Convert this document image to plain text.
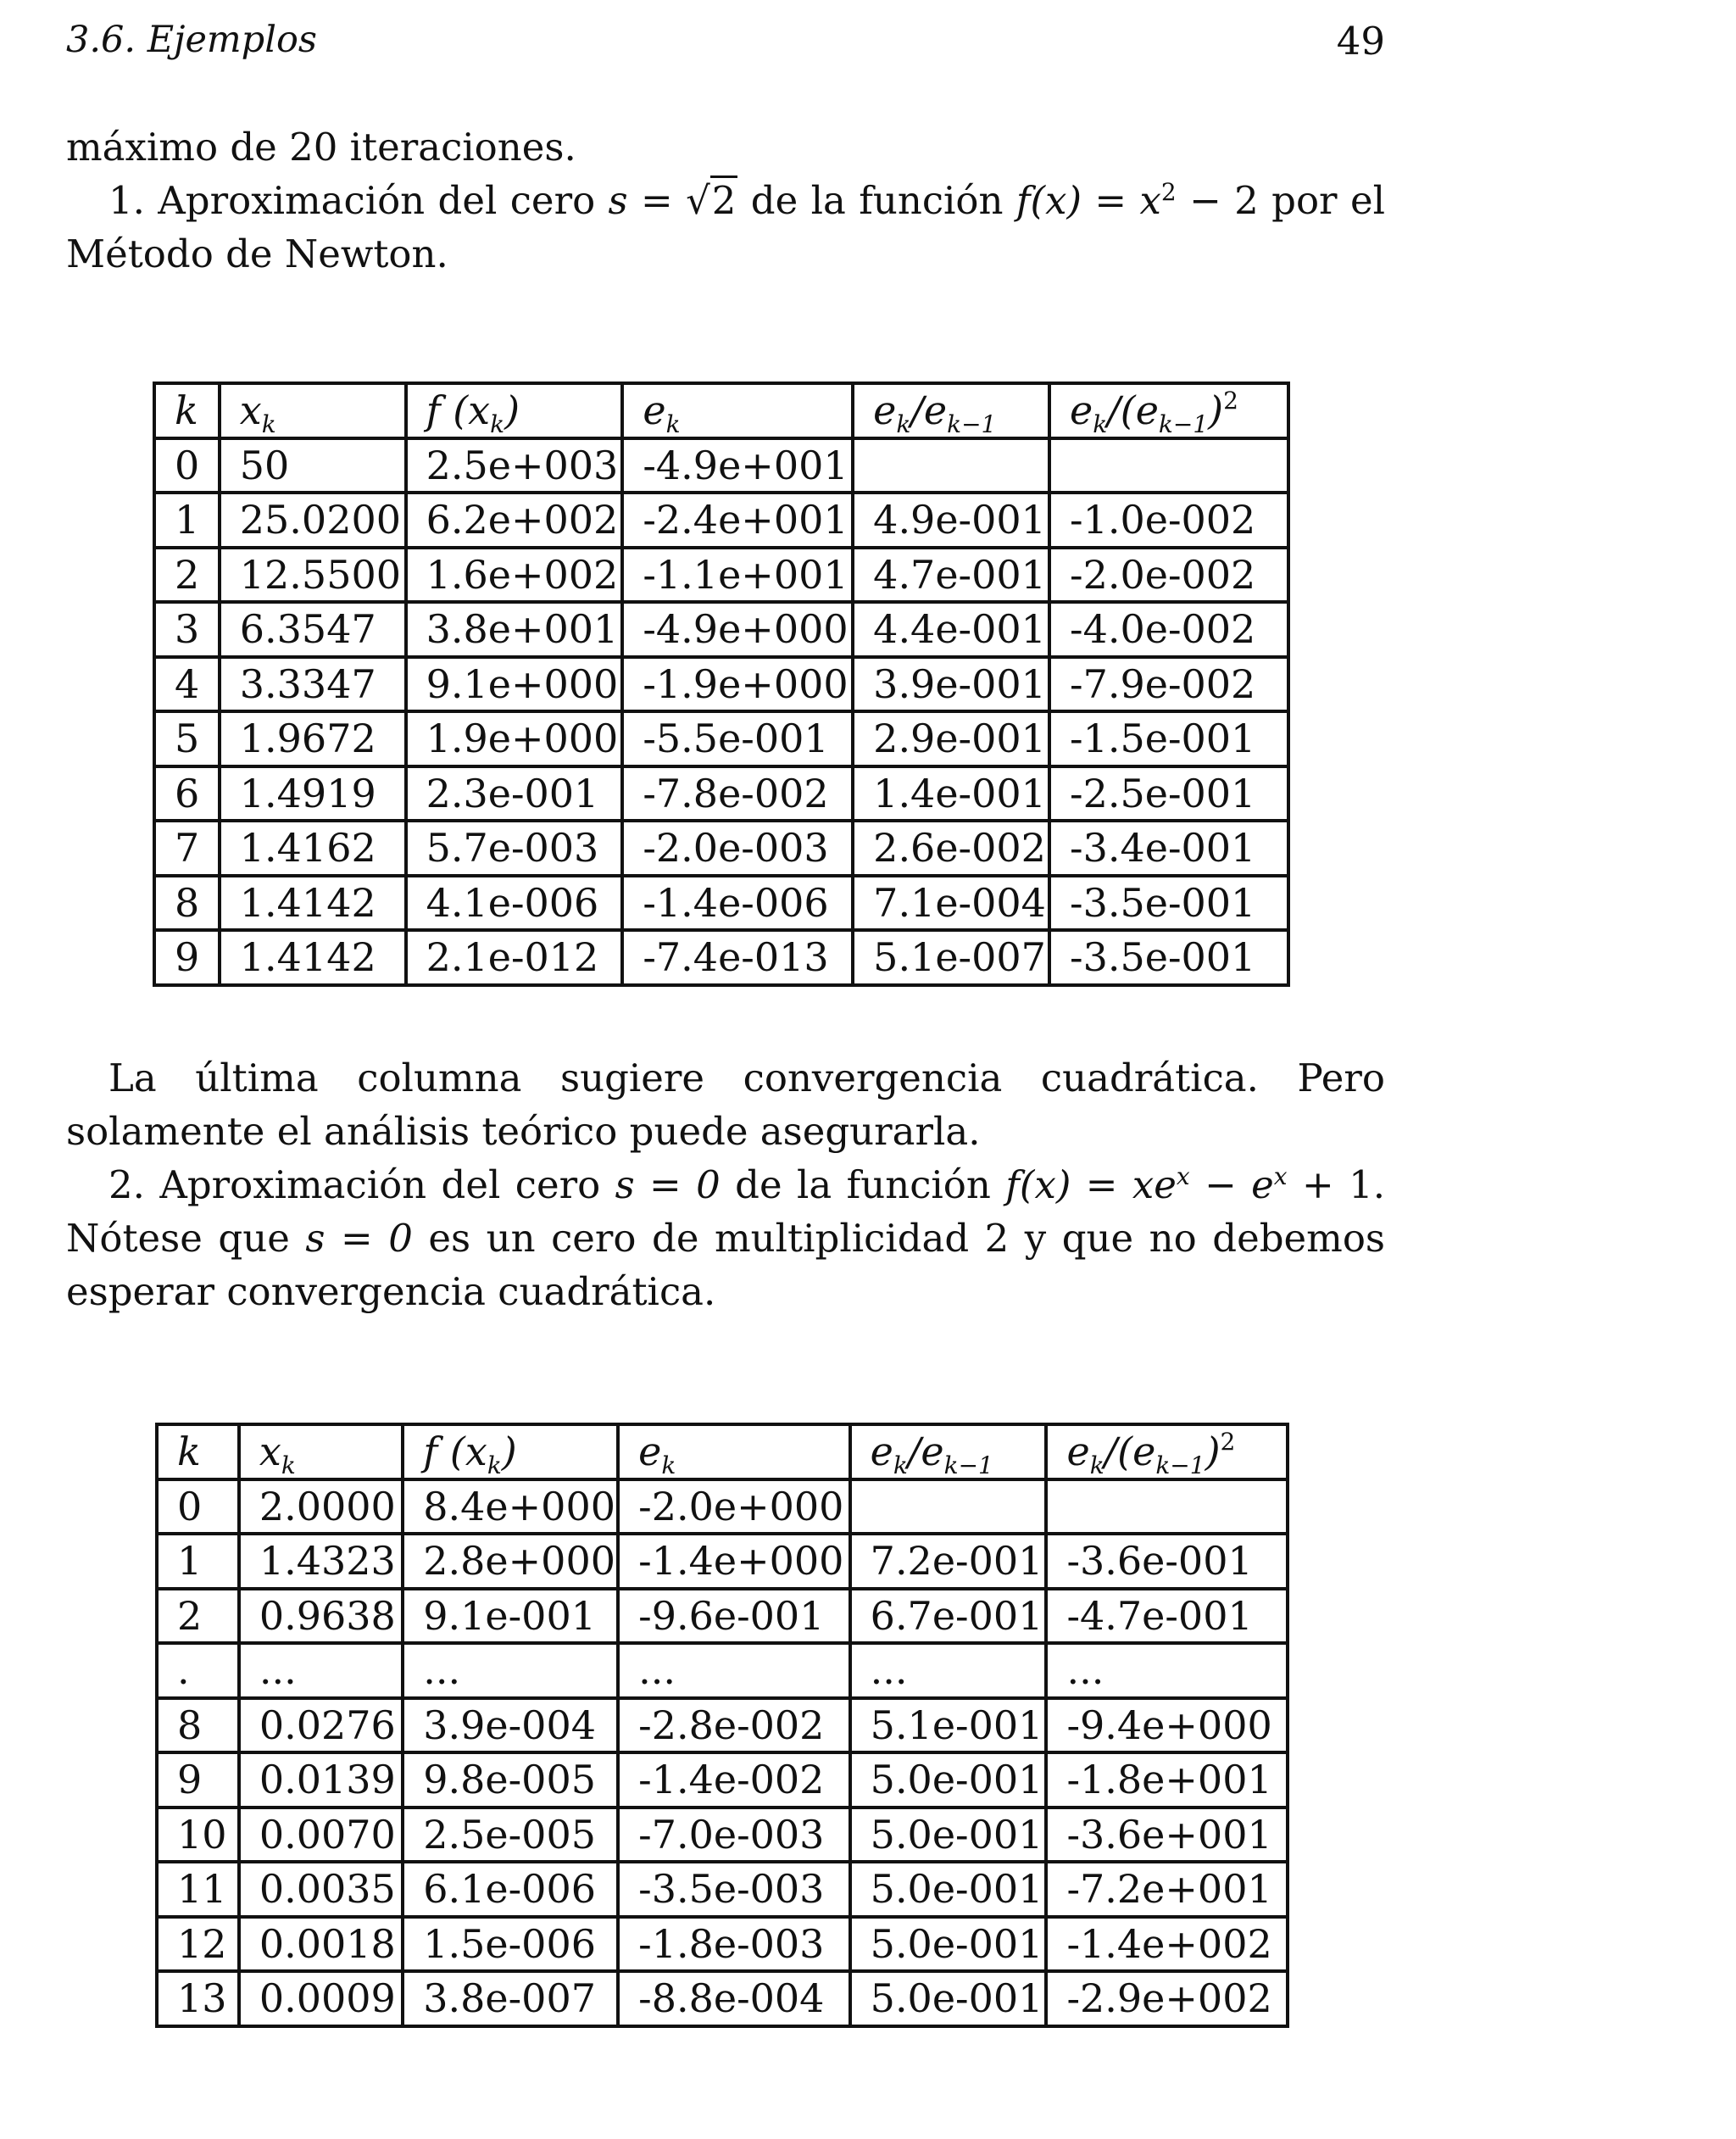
3.6. Ejemplos	49

máximo de 20 iteraciones.

1. Aproximación del cero s = √2 de la función $f(x) = x^2 - 2$ por el Método de Newton.

k	$x_k$	f $(x_k)$	$e_k$	$e_k/e_{k-1}$	$e_k/(e_{k-1})^2$
0	50	2.5e+003	-4.9e+001		
1	25.0200	6.2e+002	-2.4e+001	4.9e-001	-1.0e-002
2	12.5500	1.6e+002	-1.1e+001	4.7e-001	-2.0e-002
3	6.3547	3.8e+001	-4.9e+000	4.4e-001	-4.0e-002
4	3.3347	9.1e+000	-1.9e+000	3.9e-001	-7.9e-002
5	1.9672	1.9e+000	-5.5e-001	2.9e-001	-1.5e-001
6	1.4919	2.3e-001	-7.8e-002	1.4e-001	-2.5e-001
7	1.4162	5.7e-003	-2.0e-003	2.6e-002	-3.4e-001
8	1.4142	4.1e-006	-1.4e-006	7.1e-004	-3.5e-001
9	1.4142	2.1e-012	-7.4e-013	5.1e-007	-3.5e-001

La última columna sugiere convergencia cuadrática. Pero solamente el análisis teórico puede asegurarla.

2. Aproximación del cero s = 0 de la función $f(x) = xe^x - e^x + 1$. Nótese que s = 0 es un cero de multiplicidad 2 y que no debemos esperar convergencia cuadrática.

k	$x_k$	f $(x_k)$	$e_k$	$e_k/e_{k-1}$	$e_k/(e_{k-1})^2$
0	2.0000	8.4e+000	-2.0e+000		
1	1.4323	2.8e+000	-1.4e+000	7.2e-001	-3.6e-001
2	0.9638	9.1e-001	-9.6e-001	6.7e-001	-4.7e-001
.	...	...	...	...	...
8	0.0276	3.9e-004	-2.8e-002	5.1e-001	-9.4e+000
9	0.0139	9.8e-005	-1.4e-002	5.0e-001	-1.8e+001
10	0.0070	2.5e-005	-7.0e-003	5.0e-001	-3.6e+001
11	0.0035	6.1e-006	-3.5e-003	5.0e-001	-7.2e+001
12	0.0018	1.5e-006	-1.8e-003	5.0e-001	-1.4e+002
13	0.0009	3.8e-007	-8.8e-004	5.0e-001	-2.9e+002
